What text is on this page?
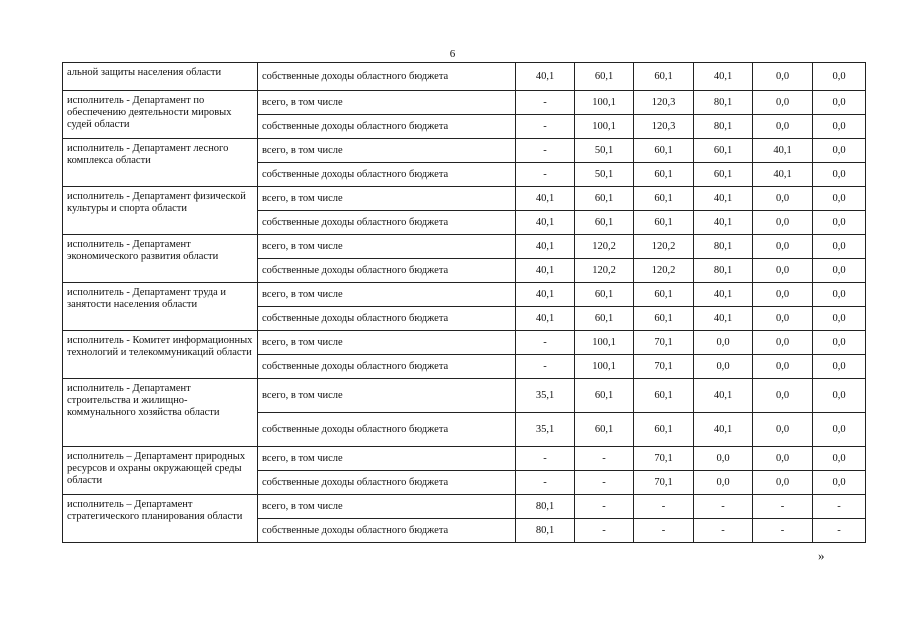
6
альной защиты населения области	собственные доходы областного бюджета	40,1	60,1	60,1	40,1	0,0	0,0
исполнитель - Департамент по обеспечению деятельности мировых судей области	всего, в том числе	-	100,1	120,3	80,1	0,0	0,0
	собственные доходы областного бюджета	-	100,1	120,3	80,1	0,0	0,0
исполнитель - Департамент лесного комплекса области	всего, в том числе	-	50,1	60,1	60,1	40,1	0,0
	собственные доходы областного бюджета	-	50,1	60,1	60,1	40,1	0,0
исполнитель - Департамент физической культуры и спорта области	всего, в том числе	40,1	60,1	60,1	40,1	0,0	0,0
	собственные доходы областного бюджета	40,1	60,1	60,1	40,1	0,0	0,0
исполнитель - Департамент экономического развития области	всего, в том числе	40,1	120,2	120,2	80,1	0,0	0,0
	собственные доходы областного бюджета	40,1	120,2	120,2	80,1	0,0	0,0
исполнитель - Департамент труда и занятости населения области	всего, в том числе	40,1	60,1	60,1	40,1	0,0	0,0
	собственные доходы областного бюджета	40,1	60,1	60,1	40,1	0,0	0,0
исполнитель - Комитет информационных технологий и телекоммуникаций области	всего, в том числе	-	100,1	70,1	0,0	0,0	0,0
	собственные доходы областного бюджета	-	100,1	70,1	0,0	0,0	0,0
исполнитель - Департамент строительства и жилищно-коммунального хозяйства области	всего, в том числе	35,1	60,1	60,1	40,1	0,0	0,0
	собственные доходы областного бюджета	35,1	60,1	60,1	40,1	0,0	0,0
исполнитель – Департамент природных ресурсов и охраны окружающей среды области	всего, в том числе	-	-	70,1	0,0	0,0	0,0
	собственные доходы областного бюджета	-	-	70,1	0,0	0,0	0,0
исполнитель – Департамент стратегического планирования области	всего, в том числе	80,1	-	-	-	-	-
	собственные доходы областного бюджета	80,1	-	-	-	-	-
»
